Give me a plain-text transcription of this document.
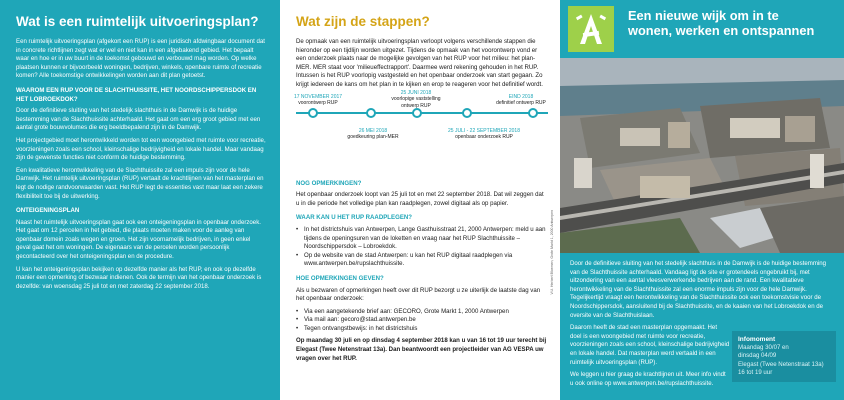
Wat is een ruimtelijk uitvoeringsplan?

Een ruimtelijk uitvoeringsplan (afgekort een RUP) is een juridisch afdwingbaar document dat in concrete richtlijnen zegt wat er wel en niet kan in een afgebakend gebied. Het bepaalt waar en hoe er in uw buurt in de toekomst gebouwd en verbouwd mag worden. Op welke plaatsen kunnen er bijvoorbeeld woningen, bedrijven, winkels, openbare ruimte of recreatie komen? Alle toekomstige ontwikkelingen worden aan dit plan getoetst.

WAAROM EEN RUP VOOR DE SLACHTHUISSITE, HET NOORDSCHIPPERSDOK EN HET LOBROEKDOK?

Door de definitieve sluiting van het stedelijk slachthuis in de Damwijk is de huidige bestemming van de Slachthuissite achterhaald. Het gaat om een erg groot gebied met een aantal grote bouwvolumes die erg beeldbepalend zijn in de Damwijk.

Het projectgebied moet herontwikkeld worden tot een woongebied met ruimte voor recreatie, voorzieningen zoals een school, kleinschalige bedrijvigheid en lokale handel. Maar vandaag zijn de gewenste functies niet conform de huidige bestemming.

Een kwalitatieve herontwikkeling van de Slachthuissite zal een impuls zijn voor de hele Damwijk. Het ruimtelijk uitvoeringsplan (RUP) vertaalt de krachtlijnen van het masterplan en legt de nodige randvoorwaarden vast. Het RUP legt de essenties vast maar laat een zekere flexibiliteit toe bij de uitwerking.

ONTEIGENINGSPLAN

Naast het ruimtelijk uitvoeringsplan gaat ook een onteigeningsplan in openbaar onderzoek. Het gaat om 12 percelen in het gebied, die plaats moeten maken voor de aanleg van openbaar domein zoals wegen en groen. Het zijn voornamelijk bedrijven, in geen enkel geval gaat het om woningen. De eigenaars van de percelen worden persoonlijk gecontacteerd over het onteigeningsplan en de procedure.

U kan het onteigeningsplan bekijken op dezelfde manier als het RUP, en ook op dezelfde manier een opmerking of bezwaar indienen. Ook de termijn van het openbaar onderzoek is dezelfde: van woensdag 25 juli tot en met zaterdag 22 september 2018.

Wat zijn de stappen?

De opmaak van een ruimtelijk uitvoeringsplan verloopt volgens verschillende stappen die hieronder op een tijdlijn worden uitgezet. Tijdens de opmaak van het voorontwerp vond er een onderzoek plaats naar de mogelijke gevolgen van het RUP voor het milieu: het plan-MER. MER staat voor 'milieueffectrapport'. Daarmee werd rekening gehouden in het RUP. Intussen is het RUP voorlopig vastgesteld en het openbaar onderzoek van start gegaan. Zo krijgt iedereen de kans om het plan in te kijken en erop te reageren voor het definitief wordt.

17 NOVEMBER 2017
voorontwerp RUP
25 JUNI 2018
voorlopige vaststelling ontwerp RUP
EIND 2018
definitief ontwerp RUP
26 MEI 2018
goedkeuring plan-MER
25 JULI - 22 SEPTEMBER 2018
openbaar onderzoek RUP
NOG OPMERKINGEN?

Het openbaar onderzoek loopt van 25 juli tot en met 22 september 2018. Dat wil zeggen dat u in die periode het volledige plan kan raadplegen, zowel digitaal als op papier.

WAAR KAN U HET RUP RAADPLEGEN?
• In het districtshuis van Antwerpen, Lange Gasthuisstraat 21, 2000 Antwerpen: meld u aan tijdens de openingsuren van de loketten en vraag naar het RUP Slachthuissite – Noordschippersdok – Lobroekdok.
• Op de website van de stad Antwerpen: u kan het RUP digitaal raadplegen via www.antwerpen.be/rupslachthuissite.
HOE OPMERKINGEN GEVEN?

Als u bezwaren of opmerkingen heeft over dit RUP bezorgt u ze uiterlijk de laatste dag van het openbaar onderzoek:

• Via een aangetekende brief aan: GECORO, Grote Markt 1, 2000 Antwerpen
• Via mail aan: gecoro@stad.antwerpen.be
• Tegen ontvangstbewijs: in het districtshuis

Op maandag 30 juli en op dinsdag 4 september 2018 kan u van 16 tot 19 uur terecht bij Elegast (Twee Netenstraat 13a). Dan beantwoordt een projectleider van AG VESPA uw vragen over het RUP.

V.U. Herbert Bloemen, Grote Markt 1, 2000 Antwerpen
Een nieuwe wijk om in te
wonen, werken en ontspannen

Door de definitieve sluiting van het stedelijk slachthuis in de Damwijk is de huidige bestemming van de Slachthuissite achterhaald. Vandaag ligt de site er grotendeels ongebruikt bij, met uitzondering van een aantal vleesverwerkende bedrijven aan de rand. Een kwalitatieve herontwikkeling van de Slachthuissite zal een enorme impuls zijn voor de hele Damwijk. Tegelijkertijd vraagt een herontwikkeling van de Slachthuissite ook een toekomstvisie voor de Noordschippersdok, aansluitend bij de Slachthuissite, en de kaaien van het Lobroekdok en de oversite van de Slachthuislaan.

Daarom heeft de stad een masterplan opgemaakt. Het doel is een woongebied met ruimte voor recreatie, voorzieningen zoals een school, kleinschalige bedrijvigheid en lokale handel. Dat masterplan werd vertaald in een ruimtelijk uitvoeringsplan (RUP).

We leggen u hier graag de krachtlijnen uit. Meer info vindt u ook online op www.antwerpen.be/rupslachthuissite.

Infomoment
Maandag 30/07 en
dinsdag 04/09
Elegast (Twee Netenstraat 13a)
16 tot 19 uur
